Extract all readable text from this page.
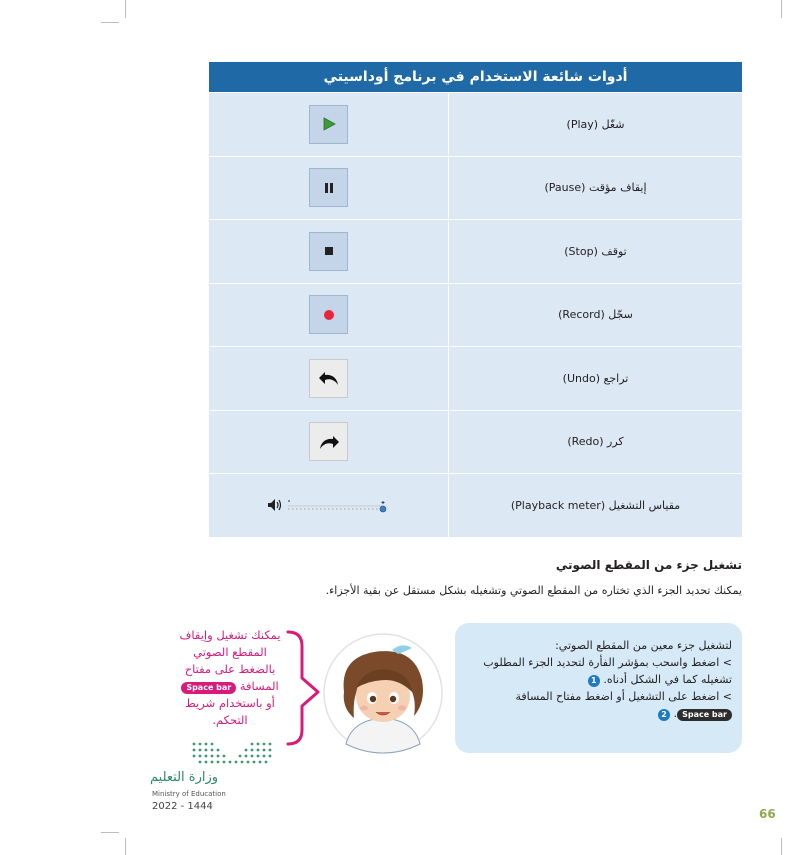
أدوات شائعة الاستخدام في برنامج أوداسيتي
شغّل (Play)
إيقاف مؤقت (Pause)
توقف (Stop)
سجّل (Record)
تراجع (Undo)
كرر (Redo)
مقياس التشغيل (Playback meter)
تشغيل جزء من المقطع الصوتي
يمكنك تحديد الجزء الذي تختاره من المقطع الصوتي وتشغيله بشكل مستقل عن بقية الأجزاء.
يمكنك تشغيل وإيقاف
المقطع الصوتي
بالضغط على مفتاح
المسافة Space bar
أو باستخدام شريط
التحكم.
لتشغيل جزء معين من المقطع الصوتي:
> اضغط واسحب بمؤشر الفأرة لتحديد الجزء المطلوب تشغيله كما في الشكل أدناه. 1
> اضغط على التشغيل أو اضغط مفتاح المسافة
Space bar. 2
وزارة التعليم
Ministry of Education
2022 - 1444
66
